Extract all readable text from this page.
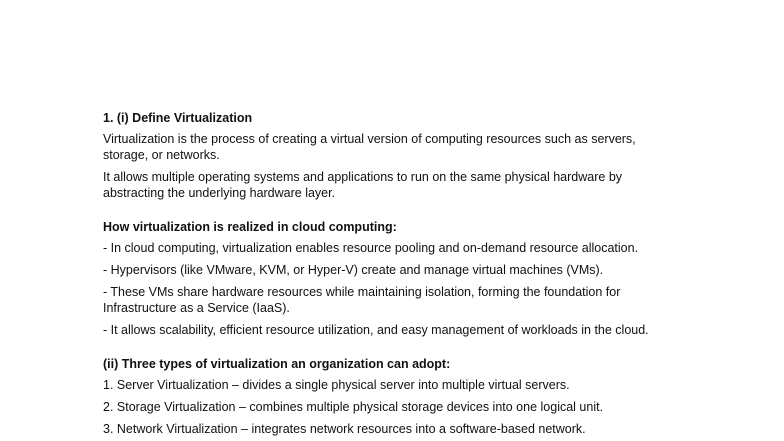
1. (i) Define Virtualization

Virtualization is the process of creating a virtual version of computing resources such as servers,

storage, or networks.

It allows multiple operating systems and applications to run on the same physical hardware by

abstracting the underlying hardware layer.

How virtualization is realized in cloud computing:

- In cloud computing, virtualization enables resource pooling and on-demand resource allocation.

- Hypervisors (like VMware, KVM, or Hyper-V) create and manage virtual machines (VMs).

- These VMs share hardware resources while maintaining isolation, forming the foundation for

Infrastructure as a Service (IaaS).

- It allows scalability, efficient resource utilization, and easy management of workloads in the cloud.

(ii) Three types of virtualization an organization can adopt:

1. Server Virtualization – divides a single physical server into multiple virtual servers.

2. Storage Virtualization – combines multiple physical storage devices into one logical unit.

3. Network Virtualization – integrates network resources into a software-based network.
